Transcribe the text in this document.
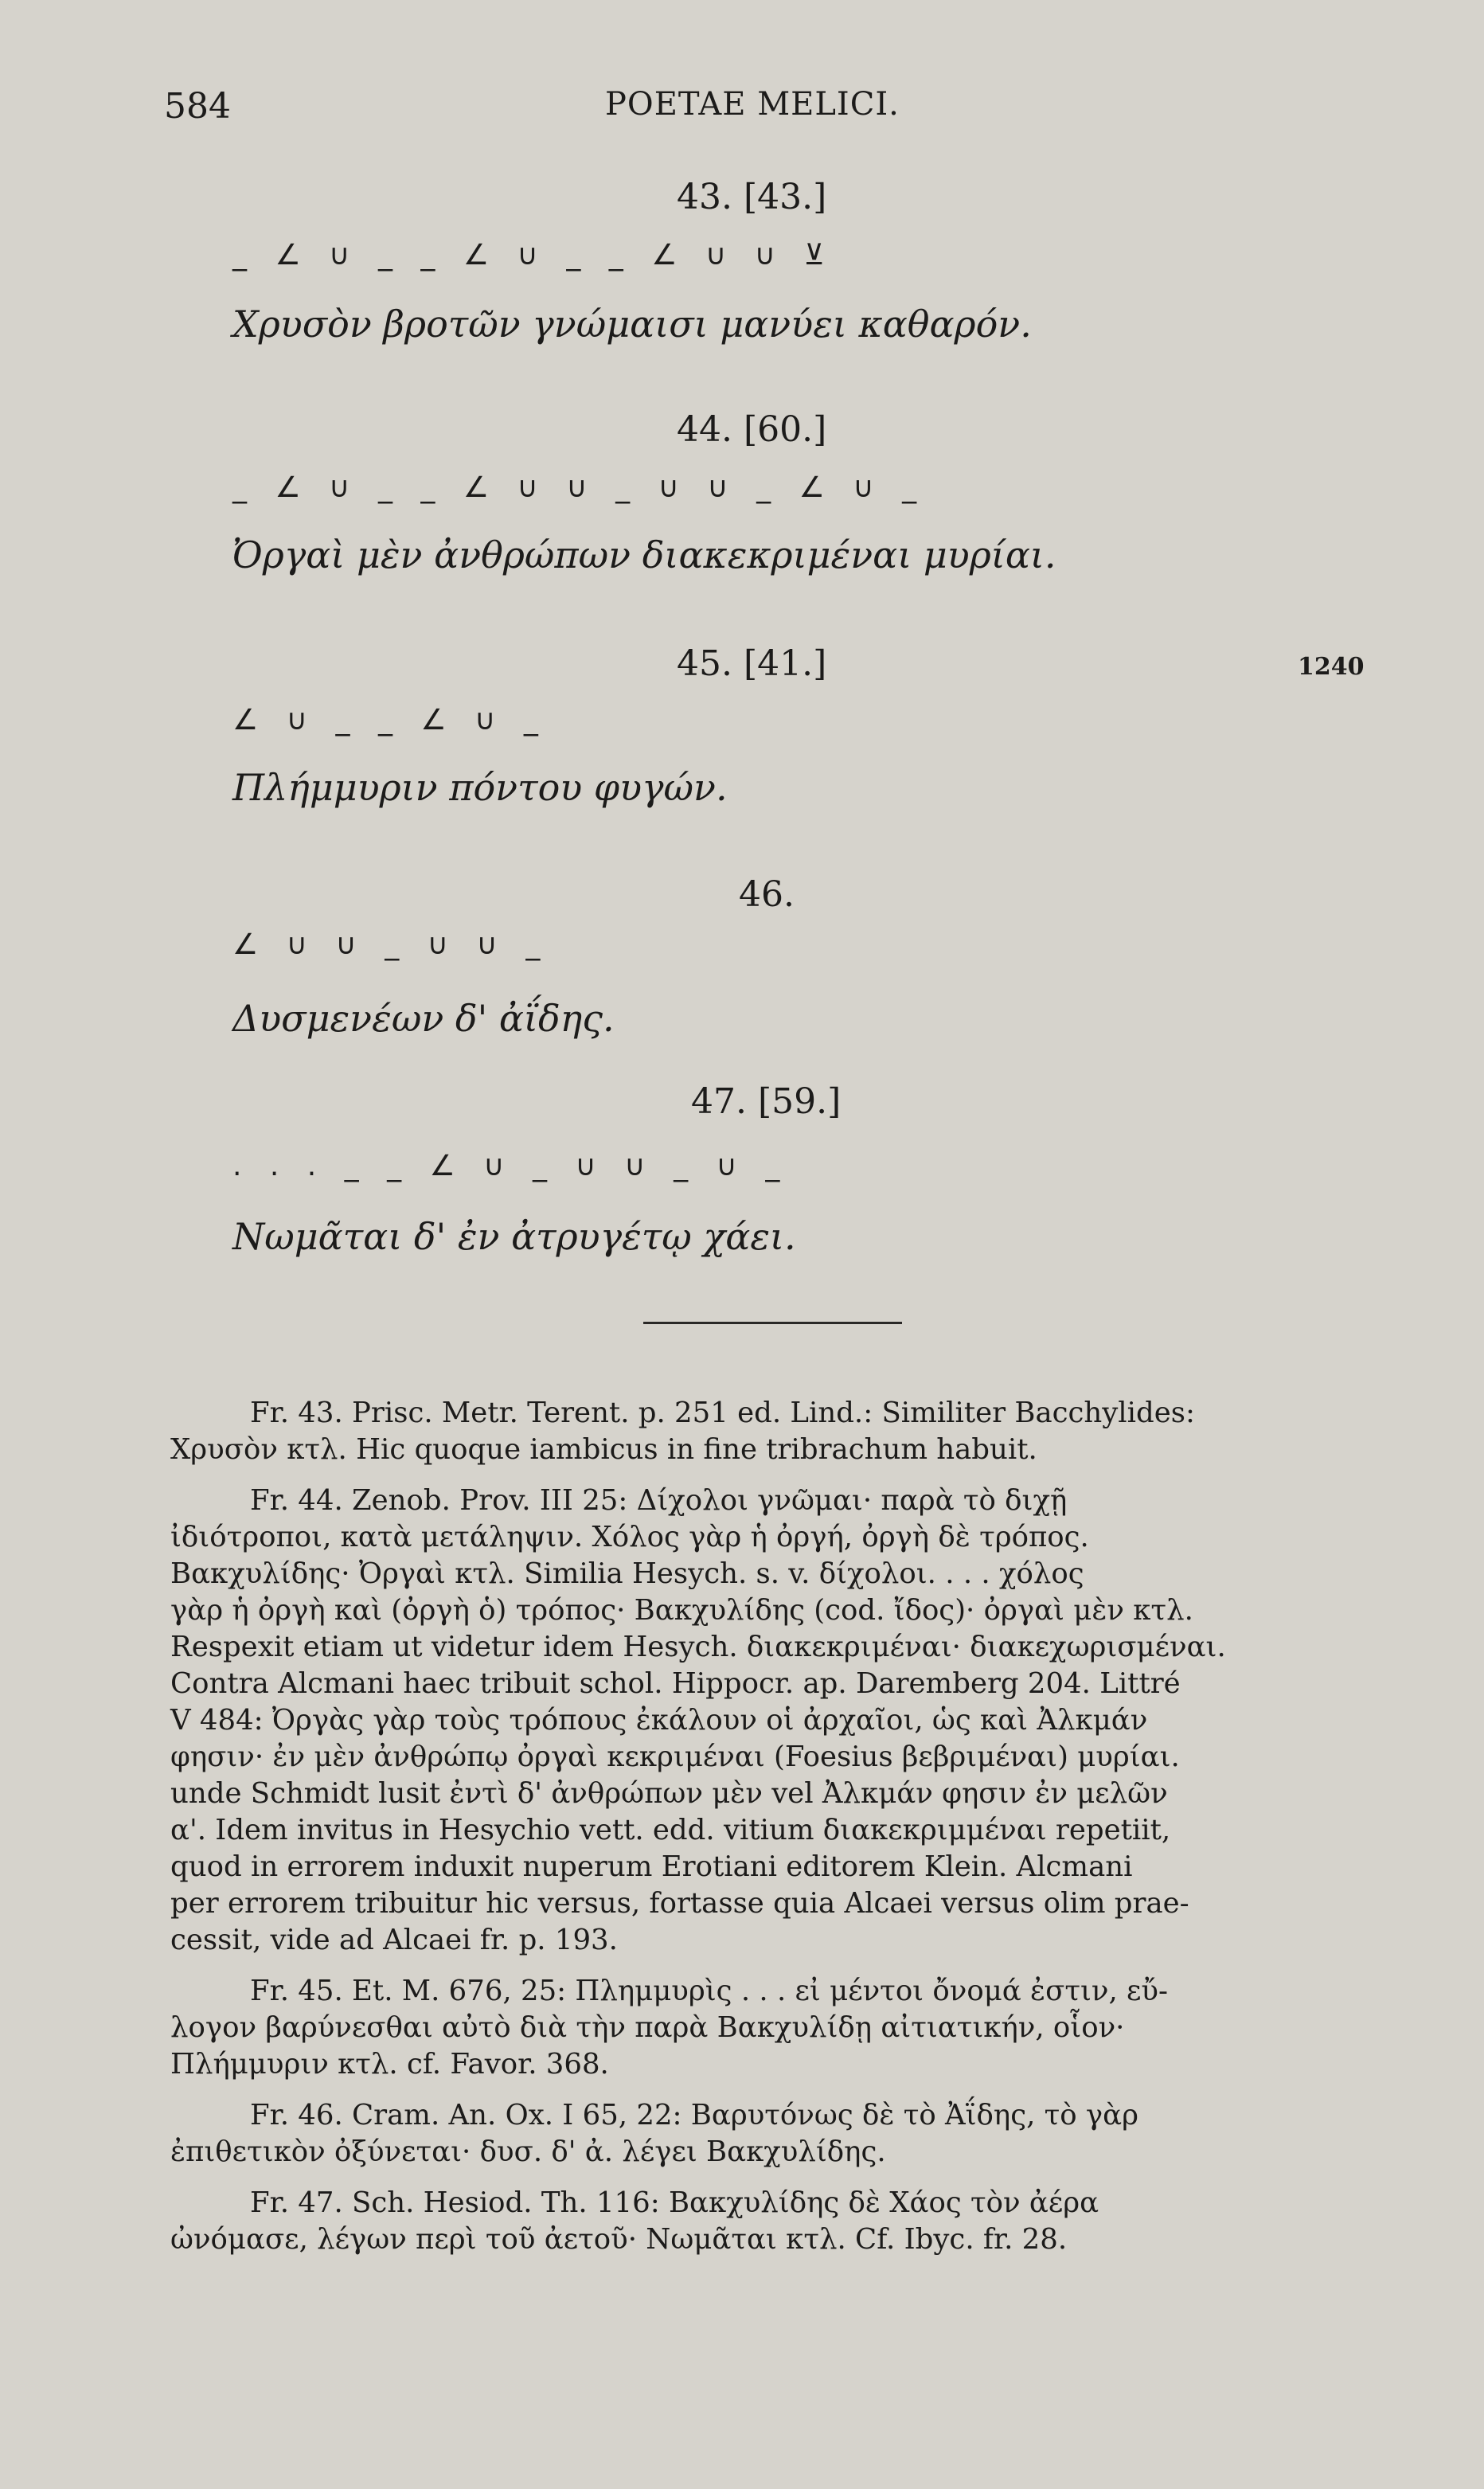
584	POETAE MELICI.
43. [43.]
_ ∠ ∪ _ _ ∠ ∪ _ _ ∠ ∪ ∪ ⊻
Χρυσὸν βροτῶν γνώμαισι μανύει καθαρόν.
44. [60.]
_ ∠ ∪ _ _ ∠ ∪ ∪ _ ∪ ∪ _ ∠ ∪ _
Ὀργαὶ μὲν ἀνθρώπων διακεκριμέναι μυρίαι.
45. [41.]	1240
∠ ∪ _ _ ∠ ∪ _
Πλήμμυριν πόντου φυγών.
46.
∠ ∪ ∪ _ ∪ ∪ _
Δυσμενέων δ' ἀΐδης.
47. [59.]
. . . _ _ ∠ ∪ _ ∪ ∪ _ ∪ _
Νωμᾶται δ' ἐν ἀτρυγέτῳ χάει.

Fr. 43. Prisc. Metr. Terent. p. 251 ed. Lind.: Similiter Bacchylides:

Χρυσὸν κτλ. Hic quoque iambicus in fine tribrachum habuit.

Fr. 44. Zenob. Prov. III 25: Δίχολοι γνῶμαι· παρὰ τὸ διχῇ

ἰδιότροποι, κατὰ μετάληψιν. Χόλος γὰρ ἡ ὀργή, ὀργὴ δὲ τρόπος.
Βακχυλίδης· Ὀργαὶ κτλ. Similia Hesych. s. v. δίχολοι. . . . χόλος
γὰρ ἡ ὀργὴ καὶ (ὀργὴ ὁ) τρόπος· Βακχυλίδης (cod. ἴδος)· ὀργαὶ μὲν κτλ.
Respexit etiam ut videtur idem Hesych. διακεκριμέναι· διακεχωρισμέναι.
Contra Alcmani haec tribuit schol. Hippocr. ap. Daremberg 204. Littré
V 484: Ὀργὰς γὰρ τοὺς τρόπους ἐκάλουν οἱ ἀρχαῖοι, ὡς καὶ Ἀλκμάν
φησιν· ἐν μὲν ἀνθρώπῳ ὀργαὶ κεκριμέναι (Foesius βεβριμέναι) μυρίαι.
unde Schmidt lusit ἐντὶ δ' ἀνθρώπων μὲν vel Ἀλκμάν φησιν ἐν μελῶν
α'. Idem invitus in Hesychio vett. edd. vitium διακεκριμμέναι repetiit,
quod in errorem induxit nuperum Erotiani editorem Klein. Alcmani
per errorem tribuitur hic versus, fortasse quia Alcaei versus olim prae-
cessit, vide ad Alcaei fr. p. 193.

Fr. 45. Et. M. 676, 25: Πλημμυρὶς . . . εἰ μέντοι ὄνομά ἐστιν, εὔ-

λογον βαρύνεσθαι αὐτὸ διὰ τὴν παρὰ Βακχυλίδῃ αἰτιατικήν, οἷον·
Πλήμμυριν κτλ. cf. Favor. 368.

Fr. 46. Cram. An. Ox. I 65, 22: Βαρυτόνως δὲ τὸ Ἀΐδης, τὸ γὰρ

ἐπιθετικὸν ὀξύνεται· δυσ. δ' ἀ. λέγει Βακχυλίδης.

Fr. 47. Sch. Hesiod. Th. 116: Βακχυλίδης δὲ Χάος τὸν ἀέρα

ὠνόμασε, λέγων περὶ τοῦ ἀετοῦ· Νωμᾶται κτλ. Cf. Ibyc. fr. 28.
